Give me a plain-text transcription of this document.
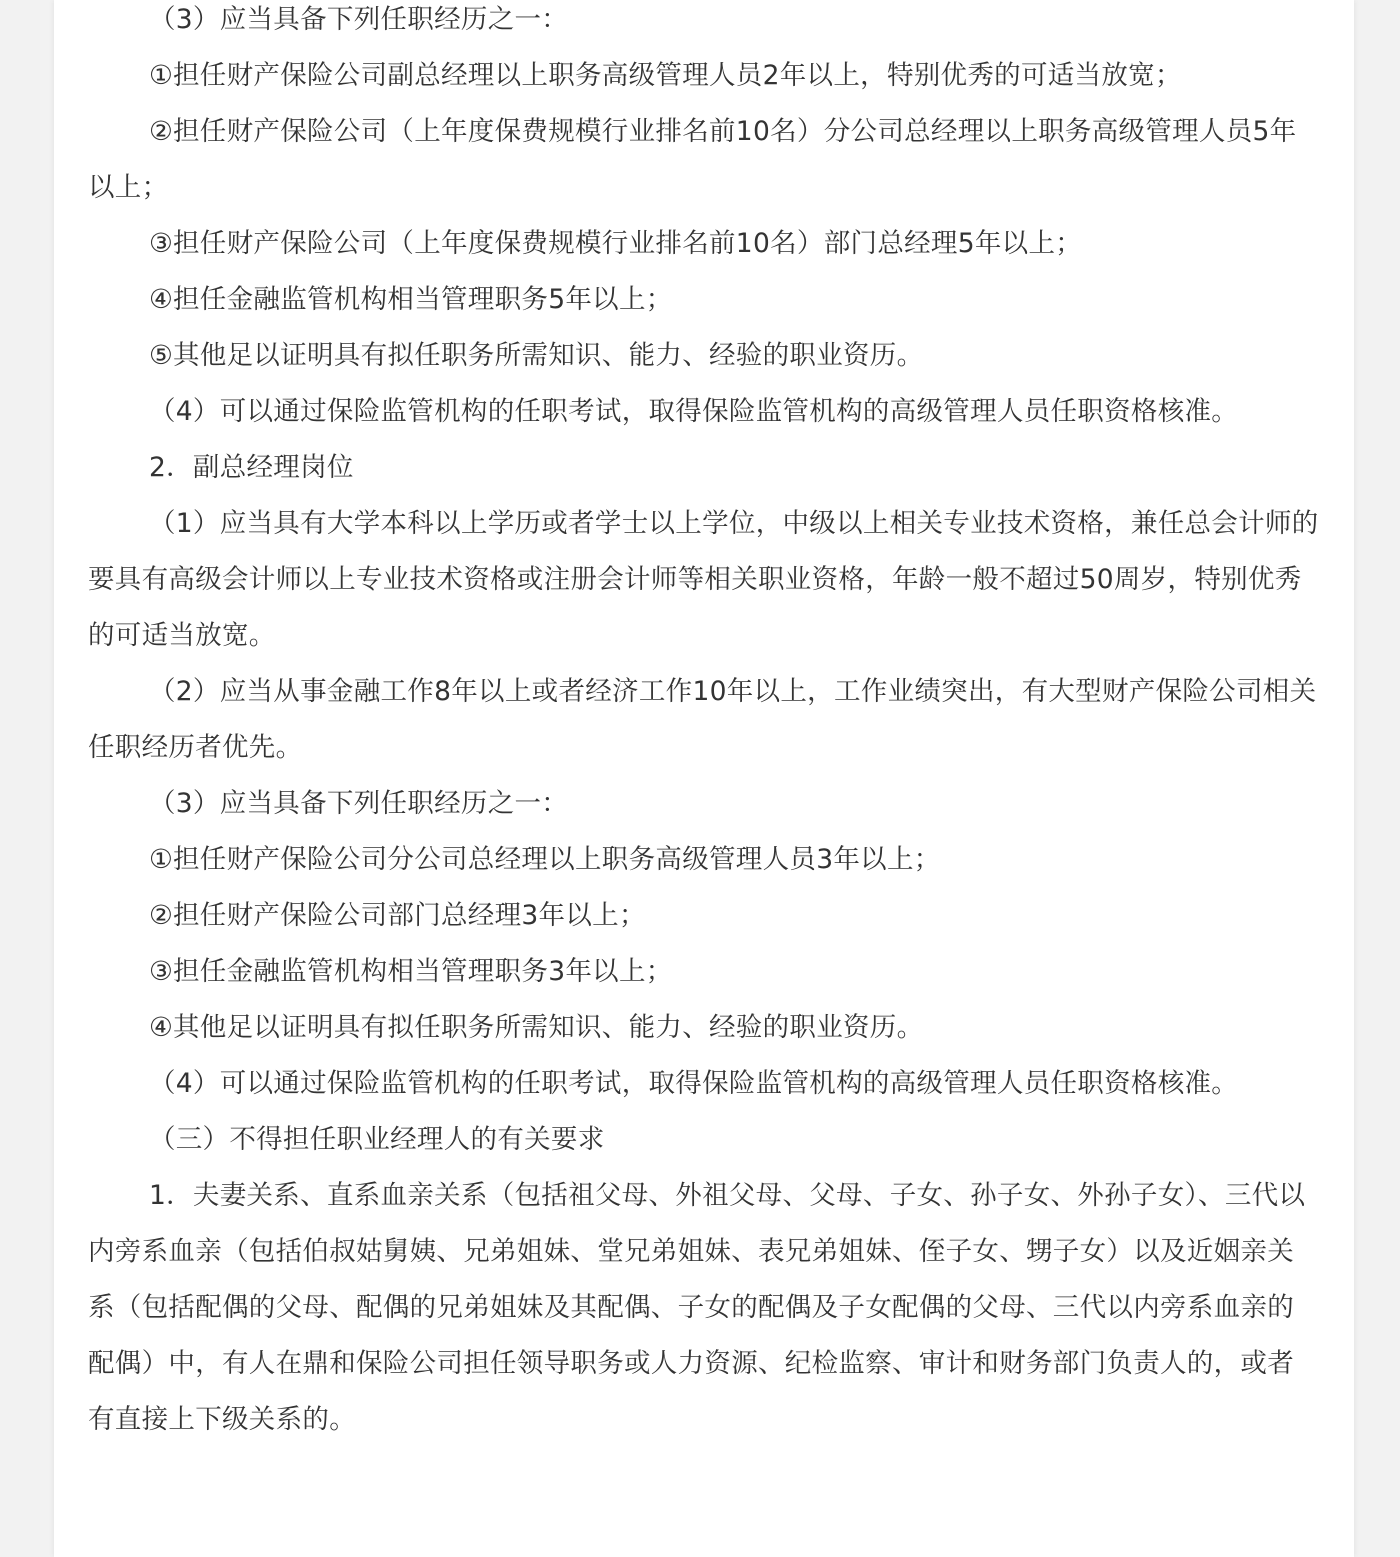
（3）应当具备下列任职经历之一：

①担任财产保险公司副总经理以上职务高级管理人员2年以上，特别优秀的可适当放宽；

②担任财产保险公司（上年度保费规模行业排名前10名）分公司总经理以上职务高级管理人员5年以上；

③担任财产保险公司（上年度保费规模行业排名前10名）部门总经理5年以上；

④担任金融监管机构相当管理职务5年以上；

⑤其他足以证明具有拟任职务所需知识、能力、经验的职业资历。

（4）可以通过保险监管机构的任职考试，取得保险监管机构的高级管理人员任职资格核准。

2．副总经理岗位

（1）应当具有大学本科以上学历或者学士以上学位，中级以上相关专业技术资格，兼任总会计师的要具有高级会计师以上专业技术资格或注册会计师等相关职业资格，年龄一般不超过50周岁，特别优秀的可适当放宽。

（2）应当从事金融工作8年以上或者经济工作10年以上，工作业绩突出，有大型财产保险公司相关任职经历者优先。

（3）应当具备下列任职经历之一：

①担任财产保险公司分公司总经理以上职务高级管理人员3年以上；

②担任财产保险公司部门总经理3年以上；

③担任金融监管机构相当管理职务3年以上；

④其他足以证明具有拟任职务所需知识、能力、经验的职业资历。

（4）可以通过保险监管机构的任职考试，取得保险监管机构的高级管理人员任职资格核准。

（三）不得担任职业经理人的有关要求

1．夫妻关系、直系血亲关系（包括祖父母、外祖父母、父母、子女、孙子女、外孙子女）、三代以内旁系血亲（包括伯叔姑舅姨、兄弟姐妹、堂兄弟姐妹、表兄弟姐妹、侄子女、甥子女）以及近姻亲关系（包括配偶的父母、配偶的兄弟姐妹及其配偶、子女的配偶及子女配偶的父母、三代以内旁系血亲的配偶）中，有人在鼎和保险公司担任领导职务或人力资源、纪检监察、审计和财务部门负责人的，或者有直接上下级关系的。
